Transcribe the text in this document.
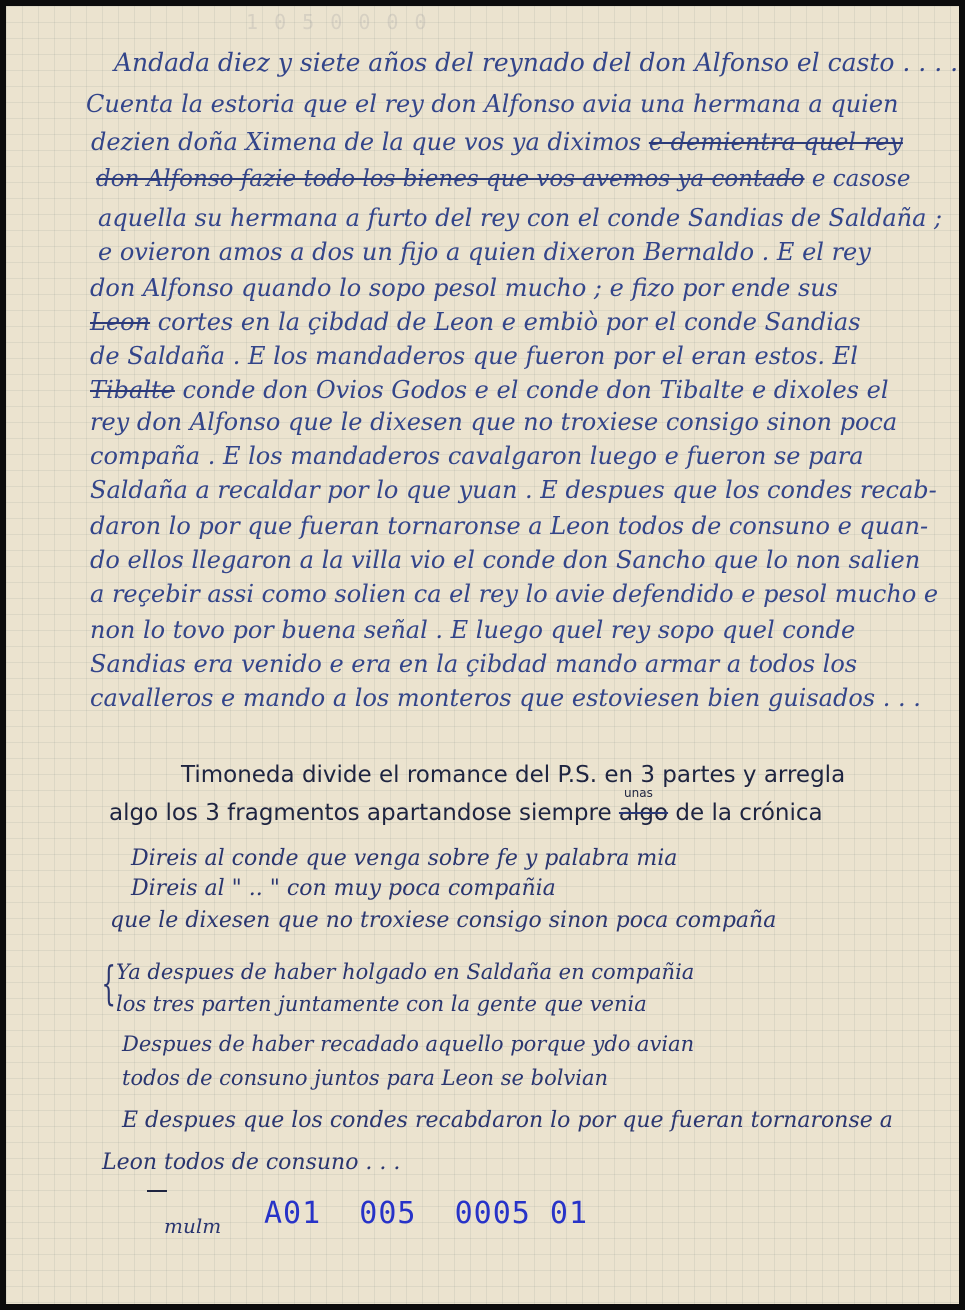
1 0 5 0 0 0 0
Andada diez y siete años del reynado del don Alfonso el casto . . . .
Cuenta la estoria que el rey don Alfonso avia una hermana a quien
dezien doña Ximena de la que vos ya diximos e demientra quel rey
don Alfonso fazie todo los bienes que vos avemos ya contado e casose
aquella su hermana a furto del rey con el conde Sandias de Saldaña ;
e ovieron amos a dos un fijo a quien dixeron Bernaldo . E el rey
don Alfonso quando lo sopo pesol mucho ; e fizo por ende sus
Leon cortes en la çibdad de Leon e embiò por el conde Sandias
de Saldaña . E los mandaderos que fueron por el eran estos. El
Tibalte conde don Ovios Godos e el conde don Tibalte e dixoles el
rey don Alfonso que le dixesen que no troxiese consigo sinon poca
compaña . E los mandaderos cavalgaron luego e fueron se para
Saldaña a recaldar por lo que yuan . E despues que los condes recab-
daron lo por que fueran tornaronse a Leon todos de consuno e quan-
do ellos llegaron a la villa vio el conde don Sancho que lo non salien
a reçebir assi como solien ca el rey lo avie defendido e pesol mucho e
non lo tovo por buena señal . E luego quel rey sopo quel conde
Sandias era venido e era en la çibdad mando armar a todos los
cavalleros e mando a los monteros que estoviesen bien guisados . . .
Timoneda divide el romance del P.S. en 3 partes y arregla
unas
algo los 3 fragmentos apartandose siempre algo de la crónica
Direis al conde que venga sobre fe y palabra mia
Direis al " .. " con muy poca compañia
que le dixesen que no troxiese consigo sinon poca compaña
{ Ya despues de haber holgado en Saldaña en compañia
los tres parten juntamente con la gente que venia
Despues de haber recadado aquello porque ydo avian
todos de consuno juntos para Leon se bolvian
E despues que los condes recabdaron lo por que fueran tornaronse a
Leon todos de consuno . . .
mulm A01  005  0005 01
